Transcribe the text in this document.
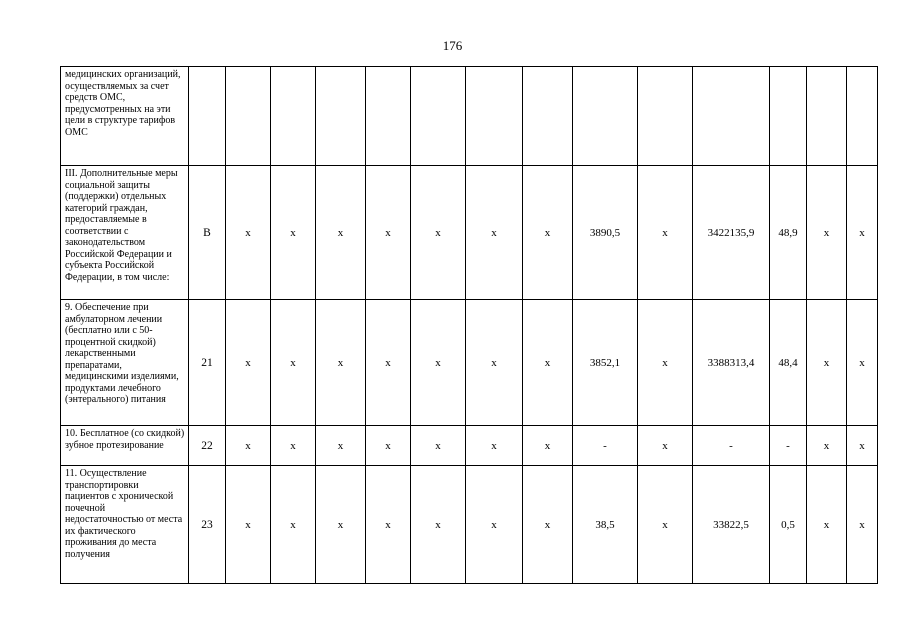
176
медицинских организаций, осуществляемых за счет средств ОМС, предусмотренных на эти цели в структуре тарифов ОМС														
III. Дополнительные меры социальной защиты (поддержки) отдельных категорий граждан, предоставляемые в соответствии с законодательством Российской Федерации и субъекта Российской Федерации, в том числе:	В	х	х	х	х	х	х	х	3890,5	х	3422135,9	48,9	х	х
9. Обеспечение при амбулаторном лечении (бесплатно или с 50-процентной скидкой) лекарственными препаратами, медицинскими изделиями, продуктами лечебного (энтерального) питания	21	х	х	х	х	х	х	х	3852,1	х	3388313,4	48,4	х	х
10. Бесплатное (со скидкой) зубное протезирование	22	х	х	х	х	х	х	х	-	х	-	-	х	х
11. Осуществление транспортировки пациентов с хронической почечной недостаточностью от места их фактического проживания до места получения	23	х	х	х	х	х	х	х	38,5	х	33822,5	0,5	х	х
